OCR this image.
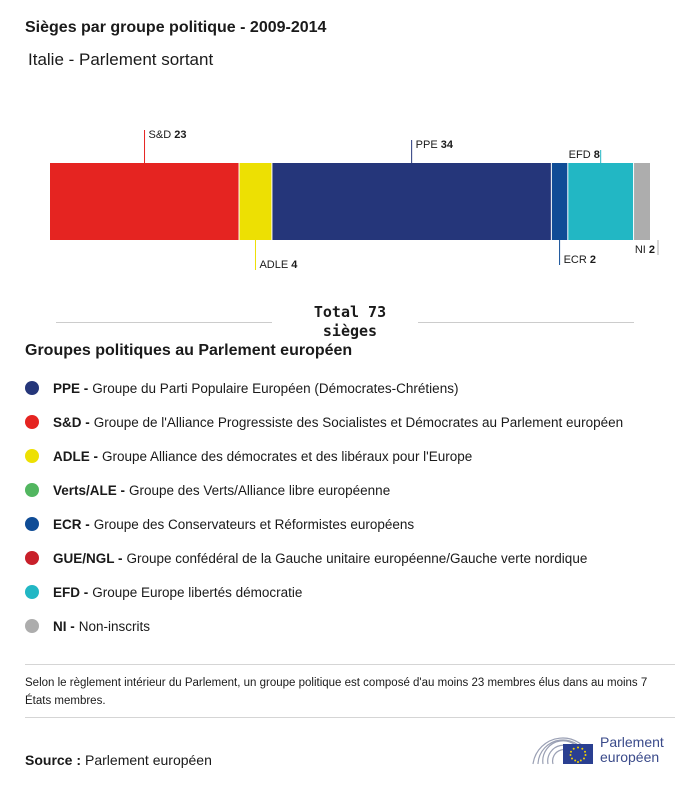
Sièges par groupe politique - 2009-2014
Italie - Parlement sortant
S&D 23
ADLE 4
PPE 34
ECR 2
EFD 8
NI 2
Total 73
sièges
Groupes politiques au Parlement européen
PPE - Groupe du Parti Populaire Européen (Démocrates-Chrétiens)
S&D - Groupe de l'Alliance Progressiste des Socialistes et Démocrates au Parlement européen
ADLE - Groupe Alliance des démocrates et des libéraux pour l'Europe
Verts/ALE - Groupe des Verts/Alliance libre européenne
ECR - Groupe des Conservateurs et Réformistes européens
GUE/NGL - Groupe confédéral de la Gauche unitaire européenne/Gauche verte nordique
EFD - Groupe Europe libertés démocratie
NI - Non-inscrits
Selon le règlement intérieur du Parlement, un groupe politique est composé d'au moins 23 membres élus dans au moins 7 États membres.
Source : Parlement européen
Parlement
européen
